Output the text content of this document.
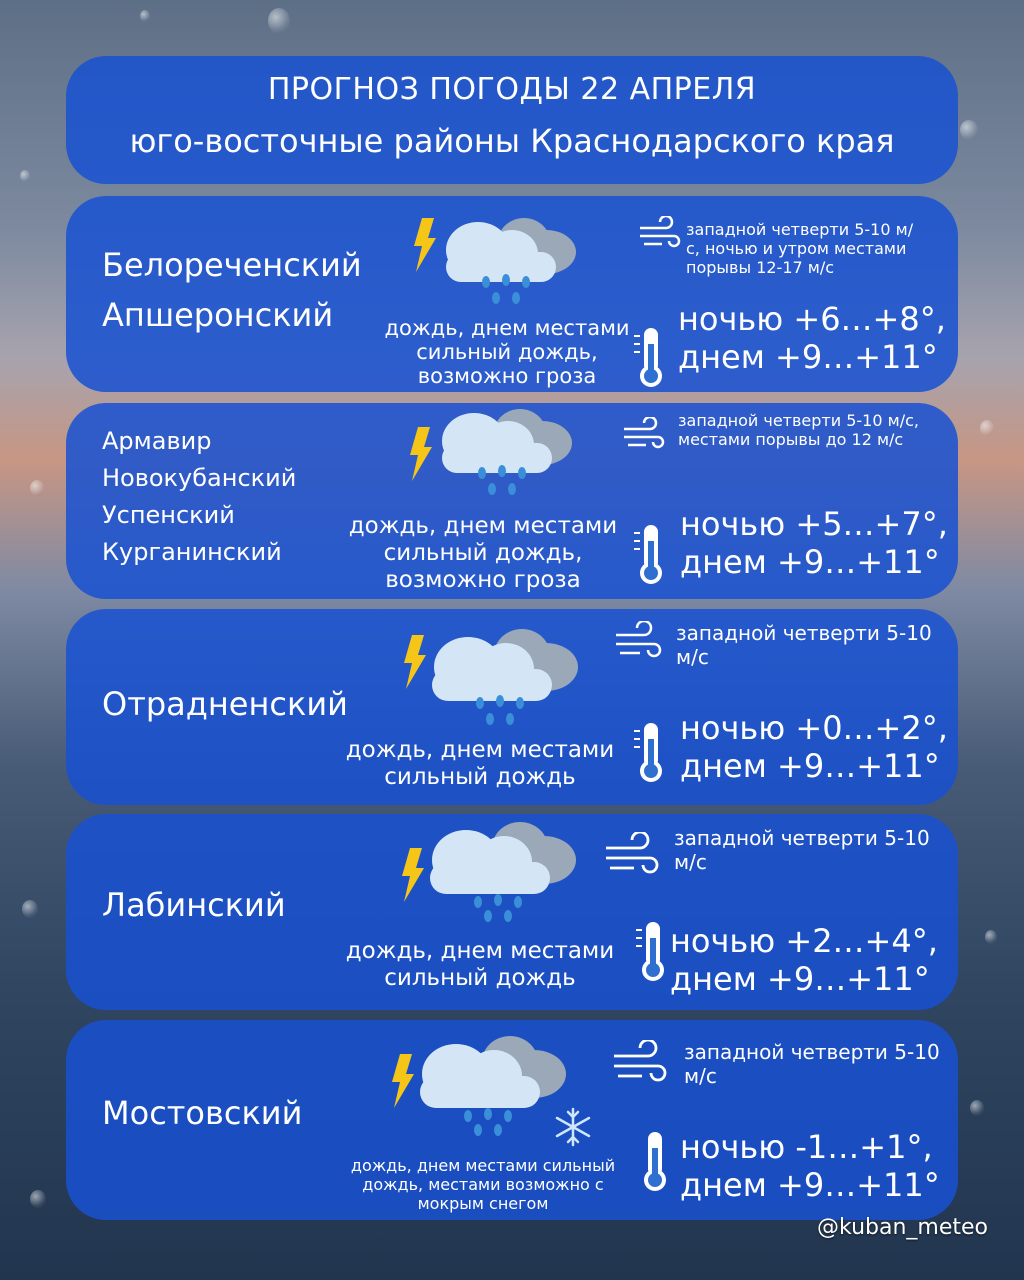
ПРОГНОЗ ПОГОДЫ 22 АПРЕЛЯ
юго-восточные районы Краснодарского края
Белореченский
Апшеронский	дождь, днем местами сильный дождь, возможно гроза
западной четверти 5-10 м/с, ночью и утром местами порывы 12-17 м/с
ночью +6…+8°,
днем +9…+11°
Армавир
Новокубанский
Успенский
Курганинский
дождь, днем местами сильный дождь, возможно гроза
западной четверти 5-10 м/с, местами порывы до 12 м/с
ночью +5…+7°,
днем +9…+11°
Отрадненский
дождь, днем местами сильный дождь
западной четверти 5-10 м/с
ночью +0…+2°,
днем +9…+11°
Лабинский
дождь, днем местами сильный дождь
западной четверти 5-10 м/с
ночью +2…+4°,
днем +9…+11°
Мостовский
дождь, днем местами сильный дождь, местами возможно с мокрым снегом
западной четверти 5-10 м/с
ночью -1…+1°,
днем +9…+11°
@kuban_meteo
